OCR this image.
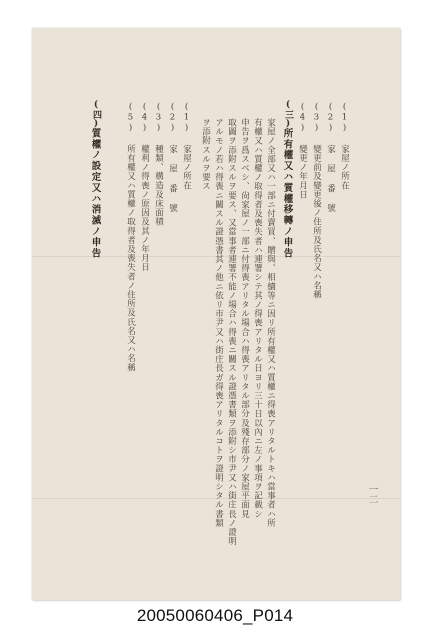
(1) 家屋ノ所在
(2) 家 屋 番 號
(3) 變更前及變更後ノ住所及氏名又ハ名稱
(4) 變更ノ年月日
(三)
所有權又ハ質權移轉ノ申告
家屋ノ全部又ハ一部ニ付賣買、贈與、相續等ニ因リ所有權又ハ質權ニ得喪アリタルトキハ當事者ハ所
有權又ハ質權ノ取得者及喪失者ハ連署シテ其ノ得喪アリタル日ヨリ三十日以內ニ左ノ事項ヲ記載シ
申告ヲ爲スベシ、尙家屋ノ一部ニ付得喪アリタル場合ハ得喪アリタル部分及殘存部分ノ家屋平面見
取圖ヲ添附スルヲ要ス、又當事者連署不能ノ場合ハ得喪ニ關スル證憑書類ヲ添附シ市尹又ハ街庄長ノ證明
アルモノ若ハ得喪ニ關スル證憑書其ノ他ニ依リ市尹又ハ街庄長ガ得喪アリタルコトヲ證明シタル書類
ヲ添附スルヲ要ス
(1) 家屋ノ所在
(2) 家 屋 番 號
(3) 種類、構造及床面積
(4) 權利ノ得喪ノ原因及其ノ年月日
(5) 所有權又ハ質權ノ取得者及喪失者ノ住所及氏名又ハ名稱
(四)
質權ノ設定又ハ消滅ノ申告
一二
20050060406_P014
